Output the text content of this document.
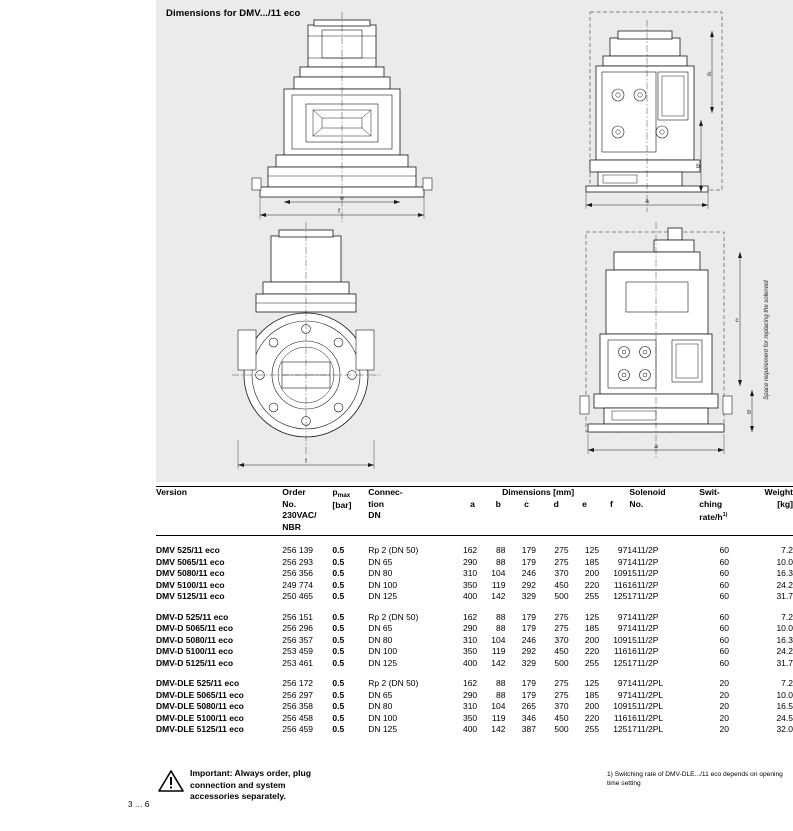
Dimensions for DMV.../11 eco
f
e
d
b
a
f
c
b
a
Space requirement for replacing the solenoid
Version	Order
No.
230VAC/
NBR	$p_{max}$
[bar]	Connec-
tion
DN	
Dimensions [mm]
a	b	c	d	e	f
	Solenoid
No.	Swit-
ching
rate/h$^{1)}$	Weight
[kg]

DMV 525/11 eco	256 139	0.5	Rp 2 (DN 50)	162	88	179	275	125	97	1411/2P	60	7.2
DMV 5065/11 eco	256 293	0.5	DN 65	290	88	179	275	185	97	1411/2P	60	10.0
DMV 5080/11 eco	256 356	0.5	DN 80	310	104	246	370	200	109	1511/2P	60	16.3
DMV 5100/11 eco	249 774	0.5	DN 100	350	119	292	450	220	116	1611/2P	60	24.2
DMV 5125/11 eco	250 465	0.5	DN 125	400	142	329	500	255	125	1711/2P	60	31.7

DMV-D 525/11 eco	256 151	0.5	Rp 2 (DN 50)	162	88	179	275	125	97	1411/2P	60	7.2
DMV-D 5065/11 eco	256 296	0.5	DN 65	290	88	179	275	185	97	1411/2P	60	10.0
DMV-D 5080/11 eco	256 357	0.5	DN 80	310	104	246	370	200	109	1511/2P	60	16.3
DMV-D 5100/11 eco	253 459	0.5	DN 100	350	119	292	450	220	116	1611/2P	60	24.2
DMV-D 5125/11 eco	253 461	0.5	DN 125	400	142	329	500	255	125	1711/2P	60	31.7

DMV-DLE 525/11 eco	256 172	0.5	Rp 2 (DN 50)	162	88	179	275	125	97	1411/2PL	20	7.2
DMV-DLE 5065/11 eco	256 297	0.5	DN 65	290	88	179	275	185	97	1411/2PL	20	10.0
DMV-DLE 5080/11 eco	256 358	0.5	DN 80	310	104	265	370	200	109	1511/2PL	20	16.5
DMV-DLE 5100/11 eco	256 458	0.5	DN 100	350	119	346	450	220	116	1611/2PL	20	24.5
DMV-DLE 5125/11 eco	256 459	0.5	DN 125	400	142	387	500	255	125	1711/2PL	20	32.0
1) Switching rate of DMV-DLE.../11 eco depends on opening time setting
Important: Always order, plug
connection and system
accessories separately.
3 … 6
